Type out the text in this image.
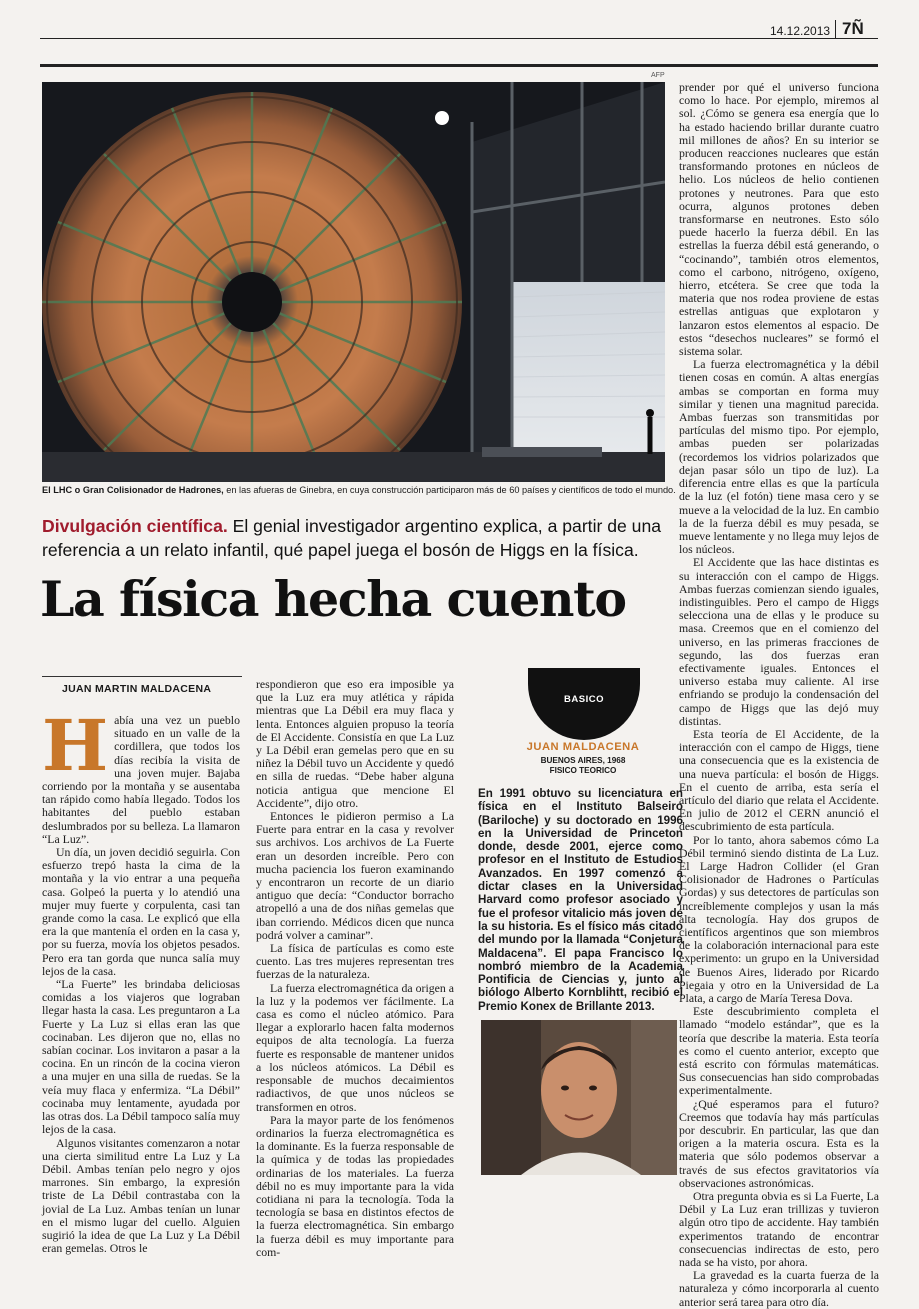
14.12.2013 7Ñ
AFP
El LHC o Gran Colisionador de Hadrones, en las afueras de Ginebra, en cuya construcción participaron más de 60 países y científicos de todo el mundo.
Divulgación científica. El genial investigador argentino explica, a partir de una referencia a un relato infantil, qué papel juega el bosón de Higgs en la física.
La física hecha cuento
JUAN MARTIN MALDACENA

Había una vez un pueblo situado en un valle de la cordillera, que todos los días recibía la visita de una joven mujer. Bajaba corriendo por la montaña y se ausentaba tan rápido como había llegado. Todos los habitantes del pueblo estaban deslumbrados por su belleza. La llamaron “La Luz”.

Un día, un joven decidió seguirla. Con esfuerzo trepó hasta la cima de la montaña y la vio entrar a una pequeña casa. Golpeó la puerta y lo atendió una mujer muy fuerte y corpulenta, casi tan grande como la casa. Le explicó que ella era la que mantenía el orden en la casa y, por su fuerza, movía los objetos pesados. Pero era tan gorda que nunca salía muy lejos de la casa.

“La Fuerte” les brindaba deliciosas comidas a los viajeros que lograban llegar hasta la casa. Les preguntaron a La Fuerte y La Luz si ellas eran las que cocinaban. Les dijeron que no, ellas no sabían cocinar. Los invitaron a pasar a la cocina. En un rincón de la cocina vieron a una mujer en una silla de ruedas. Se la veía muy flaca y enfermiza. “La Débil” cocinaba muy lentamente, ayudada por las otras dos. La Débil tampoco salía muy lejos de la casa.

Algunos visitantes comenzaron a notar una cierta similitud entre La Luz y La Débil. Ambas tenían pelo negro y ojos marrones. Sin embargo, la expresión triste de La Débil contrastaba con la jovial de La Luz. Ambas tenían un lunar en el mismo lugar del cuello. Alguien sugirió la idea de que La Luz y La Débil eran gemelas. Otros le

respondieron que eso era imposible ya que la Luz era muy atlética y rápida mientras que La Débil era muy flaca y lenta. Entonces alguien propuso la teoría de El Accidente. Consistía en que La Luz y La Débil eran gemelas pero que en su niñez la Débil tuvo un Accidente y quedó en silla de ruedas. “Debe haber alguna noticia antigua que mencione El Accidente”, dijo otro.

Entonces le pidieron permiso a La Fuerte para entrar en la casa y revolver sus archivos. Los archivos de La Fuerte eran un desorden increíble. Pero con mucha paciencia los fueron examinando y encontraron un recorte de un diario antiguo que decía: “Conductor borracho atropelló a una de dos niñas gemelas que iban corriendo. Médicos dicen que nunca podrá volver a caminar”.

La física de partículas es como este cuento. Las tres mujeres representan tres fuerzas de la naturaleza.

La fuerza electromagnética da origen a la luz y la podemos ver fácilmente. La casa es como el núcleo atómico. Para llegar a explorarlo hacen falta modernos equipos de alta tecnología. La fuerza fuerte es responsable de mantener unidos a los núcleos atómicos. La Débil es responsable de muchos decaimientos radiactivos, de que unos núcleos se transformen en otros.

Para la mayor parte de los fenómenos ordinarios la fuerza electromagnética es la dominante. Es la fuerza responsable de la química y de todas las propiedades ordinarias de los materiales. La fuerza débil no es muy importante para la vida cotidiana ni para la tecnología. Toda la tecnología se basa en distintos efectos de la fuerza electromagnética. Sin embargo la fuerza débil es muy importante para com-

BASICO
JUAN MALDACENA
BUENOS AIRES, 1968
FISICO TEORICO

En 1991 obtuvo su licenciatura en física en el Instituto Balseiro (Bariloche) y su doctorado en 1996 en la Universidad de Princeton donde, desde 2001, ejerce como profesor en el Instituto de Estudios Avanzados. En 1997 comenzó a dictar clases en la Universidad Harvard como profesor asociado y fue el profesor vitalicio más joven de la su historia. Es el físico más citado del mundo por la llamada “Conjetura Maldacena”. El papa Francisco lo nombró miembro de la Academia Pontificia de Ciencias y, junto al biólogo Alberto Kornblihtt, recibió el Premio Konex de Brillante 2013.

prender por qué el universo funciona como lo hace. Por ejemplo, miremos al sol. ¿Cómo se genera esa energía que lo ha estado haciendo brillar durante cuatro mil millones de años? En su interior se producen reacciones nucleares que están transformando protones en núcleos de helio. Los núcleos de helio contienen protones y neutrones. Para que esto ocurra, algunos protones deben transformarse en neutrones. Esto sólo puede hacerlo la fuerza débil. En las estrellas la fuerza débil está generando, o “cocinando”, también otros elementos, como el carbono, nitrógeno, oxígeno, hierro, etcétera. Se cree que toda la materia que nos rodea proviene de estas estrellas antiguas que explotaron y lanzaron estos elementos al espacio. De estos “desechos nucleares” se formó el sistema solar.

La fuerza electromagnética y la débil tienen cosas en común. A altas energías ambas se comportan en forma muy similar y tienen una magnitud parecida. Ambas fuerzas son transmitidas por partículas del mismo tipo. Por ejemplo, ambas pueden ser polarizadas (recordemos los vidrios polarizados que dejan pasar sólo un tipo de luz). La diferencia entre ellas es que la partícula de la luz (el fotón) tiene masa cero y se mueve a la velocidad de la luz. En cambio la de la fuerza débil es muy pesada, se mueve lentamente y no llega muy lejos de los núcleos.

El Accidente que las hace distintas es su interacción con el campo de Higgs. Ambas fuerzas comienzan siendo iguales, indistinguibles. Pero el campo de Higgs selecciona una de ellas y le produce su masa. Creemos que en el comienzo del universo, en las primeras fracciones de segundo, las dos fuerzas eran efectivamente iguales. Entonces el universo estaba muy caliente. Al irse enfriando se produjo la condensación del campo de Higgs que las dejó muy distintas.

Esta teoría de El Accidente, de la interacción con el campo de Higgs, tiene una consecuencia que es la existencia de una nueva partícula: el bosón de Higgs. En el cuento de arriba, esta sería el artículo del diario que relata el Accidente. En julio de 2012 el CERN anunció el descubrimiento de esta partícula.

Por lo tanto, ahora sabemos cómo La Débil terminó siendo distinta de La Luz. El Large Hadron Collider (el Gran Colisionador de Hadrones o Partículas Gordas) y sus detectores de partículas son increíblemente complejos y usan la más alta tecnología. Hay dos grupos de científicos argentinos que son miembros de la colaboración internacional para este experimento: un grupo en la Universidad de Buenos Aires, liderado por Ricardo Piegaia y otro en la Universidad de La Plata, a cargo de María Teresa Dova.

Este descubrimiento completa el llamado “modelo estándar”, que es la teoría que describe la materia. Esta teoría es como el cuento anterior, excepto que está escrito con fórmulas matemáticas. Sus consecuencias han sido comprobadas experimentalmente.

¿Qué esperamos para el futuro? Creemos que todavía hay más partículas por descubrir. En particular, las que dan origen a la materia oscura. Esta es la materia que sólo podemos observar a través de sus efectos gravitatorios vía observaciones astronómicas.

Otra pregunta obvia es si La Fuerte, La Débil y La Luz eran trillizas y tuvieron algún otro tipo de accidente. Hay también experimentos tratando de encontrar consecuencias indirectas de esto, pero nada se ha visto, por ahora.

La gravedad es la cuarta fuerza de la naturaleza y cómo incorporarla al cuento anterior será tarea para otro día.
